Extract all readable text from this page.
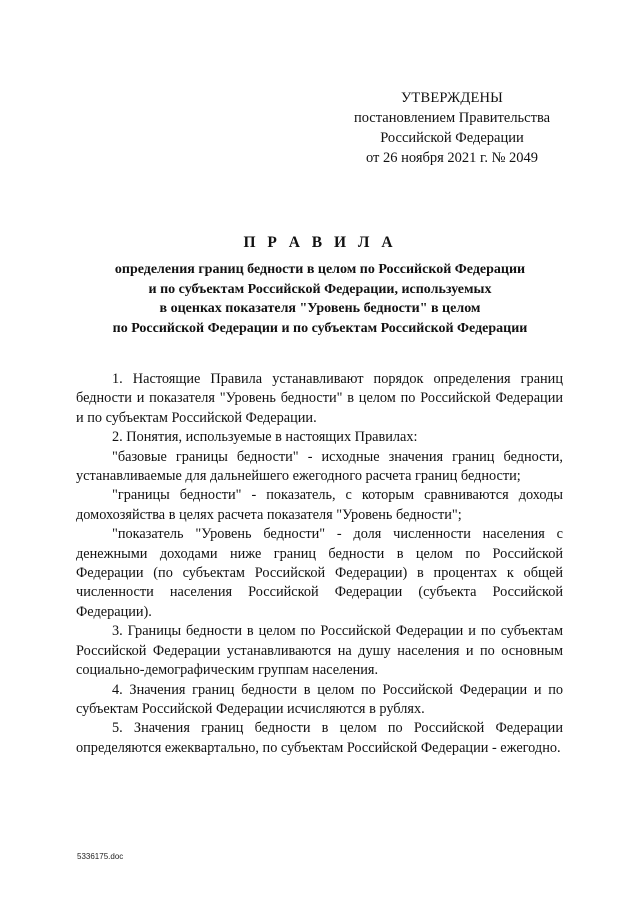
УТВЕРЖДЕНЫ
постановлением Правительства
Российской Федерации
от 26 ноября 2021 г. № 2049
П Р А В И Л А
определения границ бедности в целом по Российской Федерации
и по субъектам Российской Федерации, используемых
в оценках показателя "Уровень бедности" в целом
по Российской Федерации и по субъектам Российской Федерации

1. Настоящие Правила устанавливают порядок определения границ бедности и показателя "Уровень бедности" в целом по Российской Федерации и по субъектам Российской Федерации.

2. Понятия, используемые в настоящих Правилах:

"базовые границы бедности" - исходные значения границ бедности, устанавливаемые для дальнейшего ежегодного расчета границ бедности;

"границы бедности" - показатель, с которым сравниваются доходы домохозяйства в целях расчета показателя "Уровень бедности";

"показатель "Уровень бедности" - доля численности населения с денежными доходами ниже границ бедности в целом по Российской Федерации (по субъектам Российской Федерации) в процентах к общей численности населения Российской Федерации (субъекта Российской Федерации).

3. Границы бедности в целом по Российской Федерации и по субъектам Российской Федерации устанавливаются на душу населения и по основным социально-демографическим группам населения.

4. Значения границ бедности в целом по Российской Федерации и по субъектам Российской Федерации исчисляются в рублях.

5. Значения границ бедности в целом по Российской Федерации определяются ежеквартально, по субъектам Российской Федерации - ежегодно.

5336175.doc
